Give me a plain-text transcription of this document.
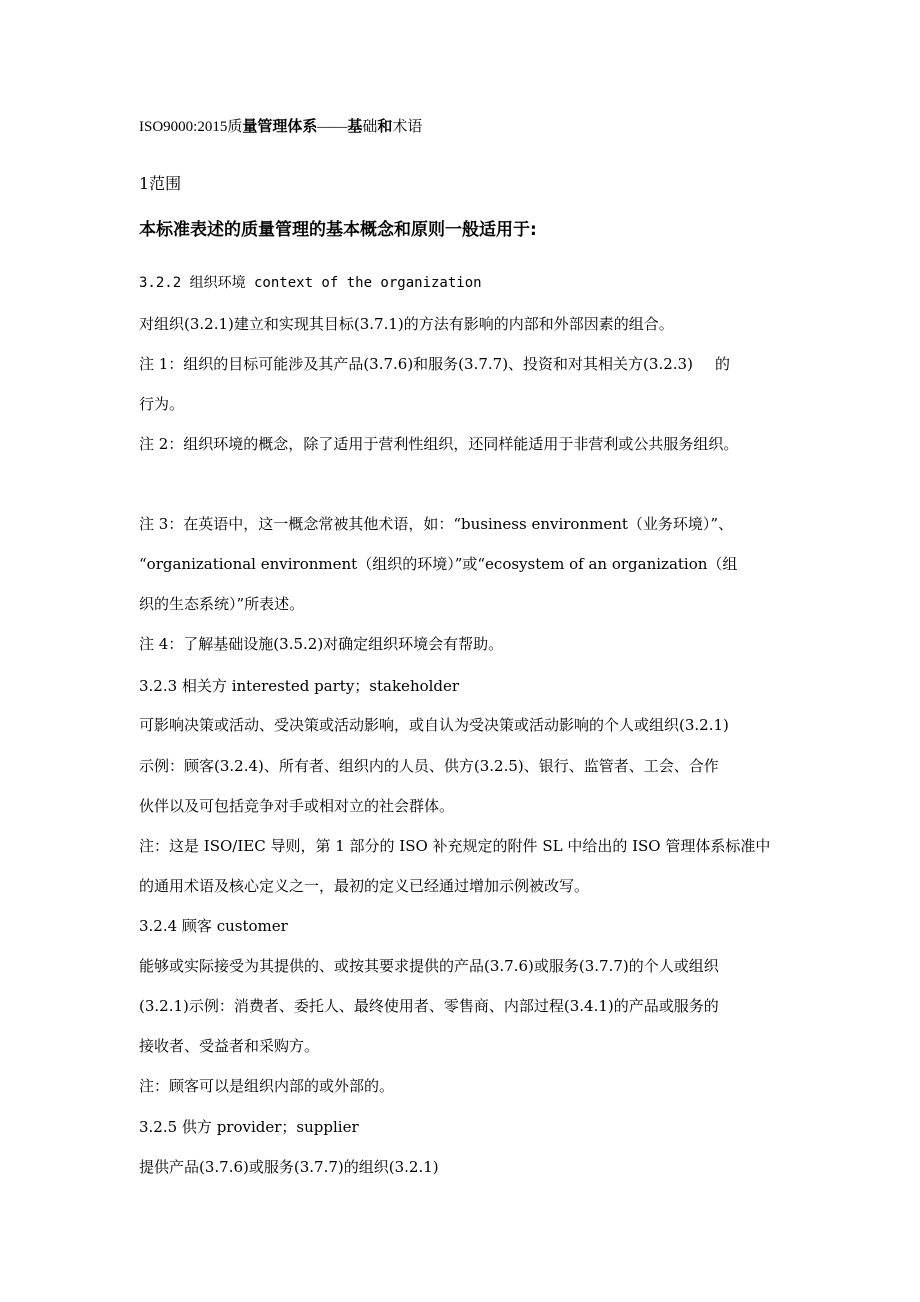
ISO9000:2015质量管理体系——基础和术语
1范围
本标准表述的质量管理的基本概念和原则一般适用于:
3.2.2 组织环境 context of the organization
对组织(3.2.1)建立和实现其目标(3.7.1)的方法有影响的内部和外部因素的组合。
注 1：组织的目标可能涉及其产品(3.7.6)和服务(3.7.7)、投资和对其相关方(3.2.3) 的
行为。
注 2：组织环境的概念，除了适用于营利性组织，还同样能适用于非营利或公共服务组织。
注 3：在英语中，这一概念常被其他术语，如：“business environment（业务环境）”、
“organizational environment（组织的环境）”或“ecosystem of an organization（组
织的生态系统）”所表述。
注 4：了解基础设施(3.5.2)对确定组织环境会有帮助。
3.2.3 相关方 interested party；stakeholder
可影响决策或活动、受决策或活动影响，或自认为受决策或活动影响的个人或组织(3.2.1)
示例：顾客(3.2.4)、所有者、组织内的人员、供方(3.2.5)、银行、监管者、工会、合作
伙伴以及可包括竞争对手或相对立的社会群体。
注：这是 ISO/IEC 导则，第 1 部分的 ISO 补充规定的附件 SL 中给出的 ISO 管理体系标准中
的通用术语及核心定义之一，最初的定义已经通过增加示例被改写。
3.2.4 顾客 customer
能够或实际接受为其提供的、或按其要求提供的产品(3.7.6)或服务(3.7.7)的个人或组织
(3.2.1)示例：消费者、委托人、最终使用者、零售商、内部过程(3.4.1)的产品或服务的
接收者、受益者和采购方。
注：顾客可以是组织内部的或外部的。
3.2.5 供方 provider；supplier
提供产品(3.7.6)或服务(3.7.7)的组织(3.2.1)
